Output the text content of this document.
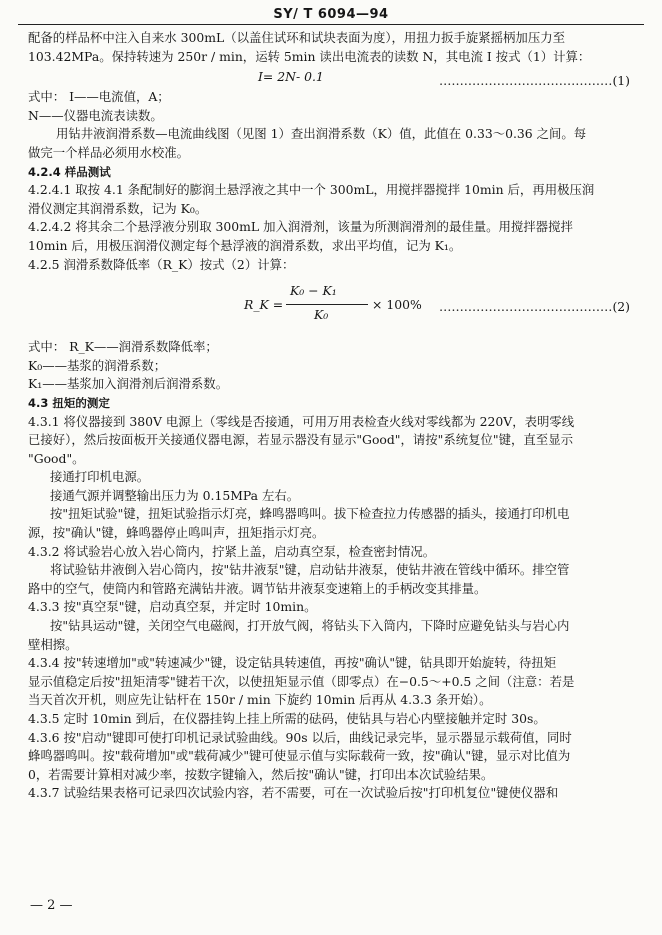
SY/ T 6094—94
配备的样品杯中注入自来水 300mL（以盖住试环和试块表面为度），用扭力扳手旋紧摇柄加压力至
103.42MPa。保持转速为 250r / min，运转 5min 读出电流表的读数 N，其电流 I 按式（1）计算：
I= 2N- 0.1	……………………………………(1)
式中： I——电流值，A；
N——仪器电流表读数。
用钻井液润滑系数—电流曲线图（见图 1）查出润滑系数（K）值，此值在 0.33～0.36 之间。每
做完一个样品必须用水校准。
4.2.4 样品测试
4.2.4.1 取按 4.1 条配制好的膨润土悬浮液之其中一个 300mL，用搅拌器搅拌 10min 后，再用极压润
滑仪测定其润滑系数，记为 K₀。
4.2.4.2 将其余二个悬浮液分别取 300mL 加入润滑剂，该量为所测润滑剂的最佳量。用搅拌器搅拌
10min 后，用极压润滑仪测定每个悬浮液的润滑系数，求出平均值，记为 K₁。
4.2.5 润滑系数降低率（R_K）按式（2）计算：
R_K =
K₀ − K₁
K₀
× 100% ……………………………………(2)
式中： R_K——润滑系数降低率；
K₀——基浆的润滑系数；
K₁——基浆加入润滑剂后润滑系数。
4.3 扭矩的测定
4.3.1 将仪器接到 380V 电源上（零线是否接通，可用万用表检查火线对零线都为 220V，表明零线
已接好），然后按面板开关接通仪器电源，若显示器没有显示"Good"，请按"系统复位"键，直至显示
"Good"。
接通打印机电源。
接通气源并调整输出压力为 0.15MPa 左右。
按"扭矩试验"键，扭矩试验指示灯亮，蜂鸣器鸣叫。拔下检查拉力传感器的插头，接通打印机电
源，按"确认"键，蜂鸣器停止鸣叫声，扭矩指示灯亮。
4.3.2 将试验岩心放入岩心筒内，拧紧上盖，启动真空泵，检查密封情况。
将试验钻井液倒入岩心筒内，按"钻井液泵"键，启动钻井液泵，使钻井液在管线中循环。排空管
路中的空气，使筒内和管路充满钻井液。调节钻井液泵变速箱上的手柄改变其排量。
4.3.3 按"真空泵"键，启动真空泵，并定时 10min。
按"钻具运动"键，关闭空气电磁阀，打开放气阀，将钻头下入筒内，下降时应避免钻头与岩心内
壁相擦。
4.3.4 按"转速增加"或"转速减少"键，设定钻具转速值，再按"确认"键，钻具即开始旋转，待扭矩
显示值稳定后按"扭矩清零"键若干次，以使扭矩显示值（即零点）在−0.5～+0.5 之间（注意：若是
当天首次开机，则应先让钻杆在 150r / min 下旋约 10min 后再从 4.3.3 条开始）。
4.3.5 定时 10min 到后，在仪器挂钩上挂上所需的砝码，使钻具与岩心内壁接触并定时 30s。
4.3.6 按"启动"键即可使打印机记录试验曲线。90s 以后，曲线记录完毕，显示器显示载荷值，同时
蜂鸣器鸣叫。按"载荷增加"或"载荷减少"键可使显示值与实际载荷一致，按"确认"键，显示对比值为
0，若需要计算相对减少率，按数字键输入，然后按"确认"键，打印出本次试验结果。
4.3.7 试验结果表格可记录四次试验内容，若不需要，可在一次试验后按"打印机复位"键使仪器和
— 2 —
